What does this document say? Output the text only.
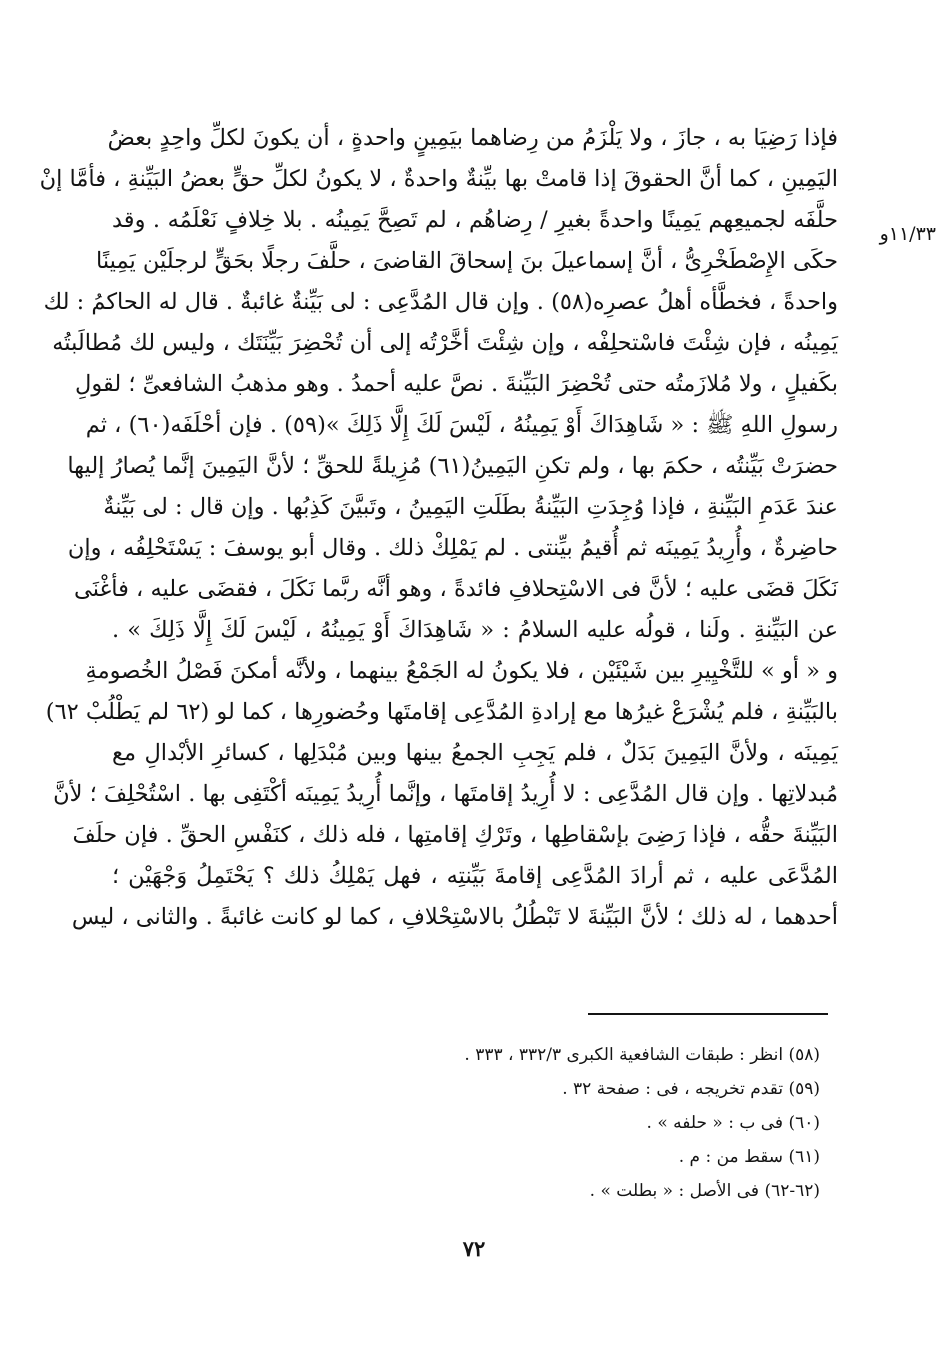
١١/٣٣و
فإذا رَضِيَا به ، جازَ ، ولا يَلْزَمُ من رِضاهما بيَمِينٍ واحدةٍ ، أن يكونَ لكلِّ واحِدٍ بعضُ
اليَمِينِ ، كما أنَّ الحقوقَ إذا قامتْ بها بيِّنةٌ واحدةٌ ، لا يكونُ لكلِّ حقٍّ بعضُ البَيِّنةِ ، فأمَّا إنْ
حلَّفَه لجميعِهم يَمِينًا واحدةً بغيرِ / رِضاهُم ، لم تَصِحَّ يَمِينُه . بلا خِلافٍ نَعْلَمُه . وقد
حكَى الإِصْطَخْرِىُّ ، أنَّ إسماعيلَ بنَ إسحاقَ القاضىَ ، حلَّفَ رجلًا بحَقٍّ لرجلَيْن يَمِينًا
واحدةً ، فخطَّأه أهلُ عصرِه(٥٨) . وإن قال المُدَّعِى : لى بَيِّنةٌ غائبةٌ . قال له الحاكمُ : لك
يَمِينُه ، فإن شِئْتَ فاسْتحلِفْه ، وإن شِئْتَ أخَّرْتُه إلى أن تُحْضِرَ بَيِّنَتَك ، وليس لك مُطالَبتُه
بكَفيلٍ ، ولا مُلازَمتُه حتى تُحْضِرَ البَيِّنةَ . نصَّ عليه أحمدُ . وهو مذهبُ الشافعىِّ ؛ لقولِ
رسولِ اللهِ ﷺ : « شَاهِدَاكَ أَوْ يَمِينُهُ ، لَيْسَ لَكَ إِلَّا ذَلِكَ »(٥٩) . فإن أحْلَفَه(٦٠) ، ثم
حضرَتْ بَيِّنتُه ، حكمَ بها ، ولم تكنِ اليَمِينُ(٦١) مُزِيلةً للحقِّ ؛ لأنَّ اليَمِينَ إنَّما يُصارُ إليها
عندَ عَدَمِ البَيِّنةِ ، فإذا وُجِدَتِ البَيِّنةُ بطَلَتِ اليَمِينُ ، وتَبيَّنَ كَذِبُها . وإن قال : لى بَيِّنةٌ
حاضِرةٌ ، وأُرِيدُ يَمِينَه ثم أُقيمُ بيِّنتى . لم يَمْلِكْ ذلك . وقال أبو يوسفَ : يَسْتَحْلِفُه ، وإن
نَكَلَ قضَى عليه ؛ لأنَّ فى الاسْتِحلافِ فائدةً ، وهو أنَّه ربَّما نَكَلَ ، فقضَى عليه ، فأغْنَى
عن البَيِّنةِ . ولَنا ، قولُه عليه السلامُ : « شَاهِدَاكَ أَوْ يَمِينُهُ ، لَيْسَ لَكَ إِلَّا ذَلِكَ » .
و « أو » للتَّخْيِيرِ بين شَيْئَيْن ، فلا يكونُ له الجَمْعُ بينهما ، ولأنَّه أمكنَ فَصْلُ الخُصومةِ
بالبَيِّنةِ ، فلم يُشْرَعْ غيرُها مع إرادةِ المُدَّعِى إقامتَها وحُضورِها ، كما لو (٦٢ لم يَطْلُبْ ٦٢)
يَمِينَه ، ولأنَّ اليَمِينَ بَدَلٌ ، فلم يَجِبِ الجمعُ بينها وبين مُبْدَلِها ، كسائرِ الأبْدالِ مع
مُبدلاتِها . وإن قال المُدَّعِى : لا أُرِيدُ إقامتَها ، وإنَّما أُرِيدُ يَمِينَه أكْتَفِى بها . اسْتُحْلِفَ ؛ لأنَّ
البَيِّنةَ حقُّه ، فإذا رَضِىَ بإسْقاطِها ، وتَرْكِ إقامتِها ، فله ذلك ، كنَفْسِ الحقِّ . فإن حلَفَ
المُدَّعَى عليه ، ثم أرادَ المُدَّعِى إقامةَ بَيِّنتِه ، فهل يَمْلِكُ ذلك ؟ يَحْتَمِلُ وَجْهَيْن ؛
أحدهما ، له ذلك ؛ لأنَّ البَيِّنةَ لا تَبْطُلُ بالاسْتِحْلافِ ، كما لو كانت غائبةً . والثانى ، ليس
(٥٨) انظر : طبقات الشافعية الكبرى ٣٣٢/٣ ، ٣٣٣ .
(٥٩) تقدم تخريجه ، فى : صفحة ٣٢ .
(٦٠) فى ب : « حلفه » .
(٦١) سقط من : م .
(٦٢-٦٢) فى الأصل : « بطلت » .
٧٢
